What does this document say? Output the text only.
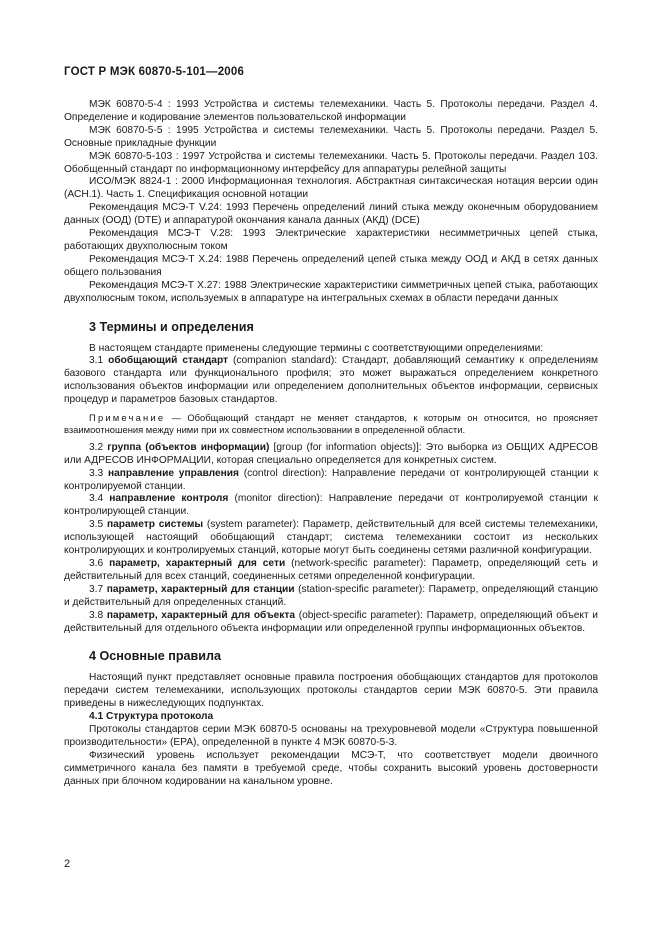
ГОСТ Р МЭК 60870-5-101—2006

МЭК 60870-5-4 : 1993 Устройства и системы телемеханики. Часть 5. Протоколы передачи. Раздел 4. Определение и кодирование элементов пользовательской информации

МЭК 60870-5-5 : 1995 Устройства и системы телемеханики. Часть 5. Протоколы передачи. Раздел 5. Основные прикладные функции

МЭК 60870-5-103 : 1997 Устройства и системы телемеханики. Часть 5. Протоколы передачи. Раздел 103. Обобщенный стандарт по информационному интерфейсу для аппаратуры релейной защиты

ИСО/МЭК 8824-1 : 2000 Информационная технология. Абстрактная синтаксическая нотация версии один (АСН.1). Часть 1. Спецификация основной нотации

Рекомендация МСЭ-Т V.24: 1993 Перечень определений линий стыка между оконечным оборудованием данных (ООД) (DTE) и аппаратурой окончания канала данных (АКД) (DCE)

Рекомендация МСЭ-Т V.28: 1993 Электрические характеристики несимметричных цепей стыка, работающих двухполюсным током

Рекомендация МСЭ-Т Х.24: 1988 Перечень определений цепей стыка между ООД и АКД в сетях данных общего пользования

Рекомендация МСЭ-Т Х.27: 1988 Электрические характеристики симметричных цепей стыка, работающих двухполюсным током, используемых в аппаратуре на интегральных схемах в области передачи данных

3 Термины и определения

В настоящем стандарте применены следующие термины с соответствующими определениями:

3.1 обобщающий стандарт (companion standard): Стандарт, добавляющий семантику к определениям базового стандарта или функционального профиля; это может выражаться определением конкретного использования объектов информации или определением дополнительных объектов информации, сервисных процедур и параметров базовых стандартов.

Примечание — Обобщающий стандарт не меняет стандартов, к которым он относится, но проясняет взаимоотношения между ними при их совместном использовании в определенной области.

3.2 группа (объектов информации) [group (for information objects)]: Это выборка из ОБЩИХ АДРЕСОВ или АДРЕСОВ ИНФОРМАЦИИ, которая специально определяется для конкретных систем.

3.3 направление управления (control direction): Направление передачи от контролирующей станции к контролируемой станции.

3.4 направление контроля (monitor direction): Направление передачи от контролируемой станции к контролирующей станции.

3.5 параметр системы (system parameter): Параметр, действительный для всей системы телемеханики, использующей настоящий обобщающий стандарт; система телемеханики состоит из нескольких контролирующих и контролируемых станций, которые могут быть соединены сетями различной конфигурации.

3.6 параметр, характерный для сети (network-specific parameter): Параметр, определяющий сеть и действительный для всех станций, соединенных сетями определенной конфигурации.

3.7 параметр, характерный для станции (station-specific parameter): Параметр, определяющий станцию и действительный для определенных станций.

3.8 параметр, характерный для объекта (object-specific parameter): Параметр, определяющий объект и действительный для отдельного объекта информации или определенной группы информационных объектов.

4 Основные правила

Настоящий пункт представляет основные правила построения обобщающих стандартов для протоколов передачи систем телемеханики, использующих протоколы стандартов серии МЭК 60870-5. Эти правила приведены в нижеследующих подпунктах.

4.1 Структура протокола

Протоколы стандартов серии МЭК 60870-5 основаны на трехуровневой модели «Структура повышенной производительности» (ЕРА), определенной в пункте 4 МЭК 60870-5-3.

Физический уровень использует рекомендации МСЭ-Т, что соответствует модели двоичного симметричного канала без памяти в требуемой среде, чтобы сохранить высокий уровень достоверности данных при блочном кодировании на канальном уровне.

2
